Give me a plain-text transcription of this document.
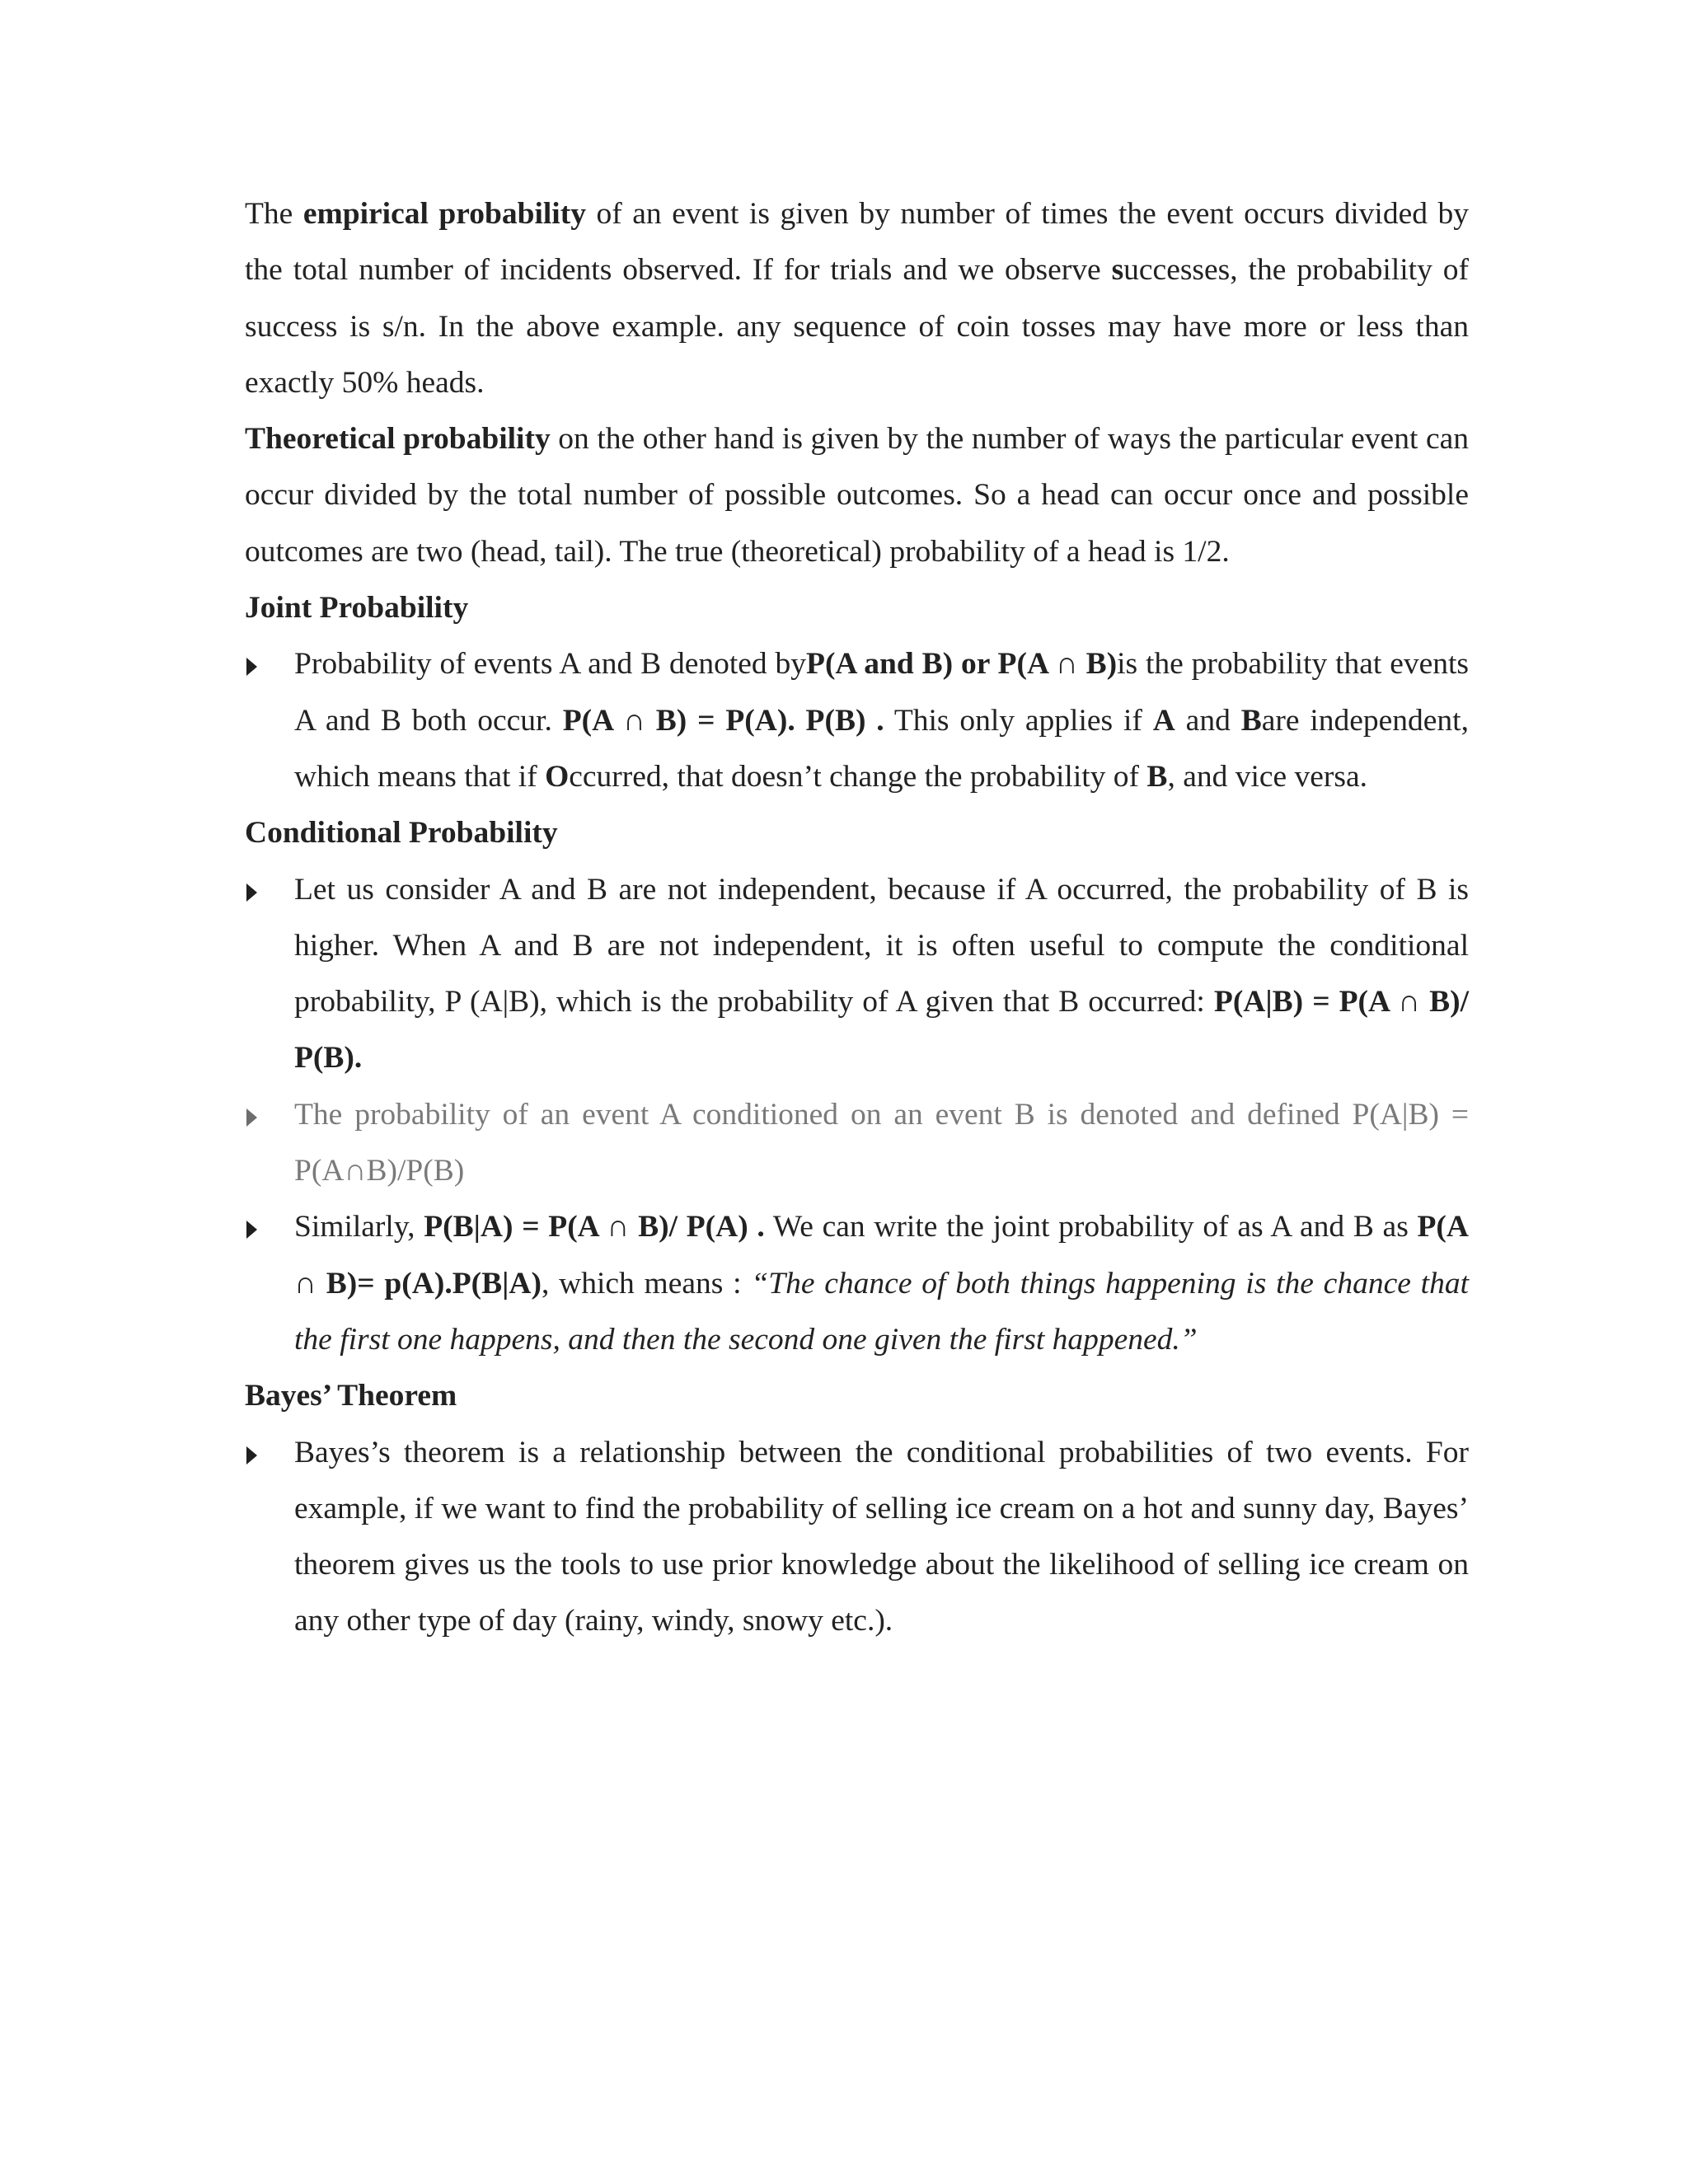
The empirical probability of an event is given by number of times the event occurs divided by the total number of incidents observed. If for trials and we observe successes, the probability of success is s/n. In the above example. any sequence of coin tosses may have more or less than exactly 50% heads.

Theoretical probability on the other hand is given by the number of ways the particular event can occur divided by the total number of possible outcomes. So a head can occur once and possible outcomes are two (head, tail). The true (theoretical) probability of a head is 1/2.

Joint Probability
Probability of events A and B denoted byP(A and B) or P(A ∩ B)is the probability that events A and B both occur. P(A ∩ B) = P(A). P(B) . This only applies if A and Bare independent, which means that if Occurred, that doesn’t change the probability of B, and vice versa.
Conditional Probability
Let us consider A and B are not independent, because if A occurred, the probability of B is higher. When A and B are not independent, it is often useful to compute the conditional probability, P (A|B), which is the probability of A given that B occurred: P(A|B) = P(A ∩ B)/ P(B).
The probability of an event A conditioned on an event B is denoted and defined P(A|B) = P(A∩B)/P(B)
Similarly, P(B|A) = P(A ∩ B)/ P(A) . We can write the joint probability of as A and B as P(A ∩ B)= p(A).P(B|A), which means : “The chance of both things happening is the chance that the first one happens, and then the second one given the first happened.”
Bayes’ Theorem
Bayes’s theorem is a relationship between the conditional probabilities of two events. For example, if we want to find the probability of selling ice cream on a hot and sunny day, Bayes’ theorem gives us the tools to use prior knowledge about the likelihood of selling ice cream on any other type of day (rainy, windy, snowy etc.).
